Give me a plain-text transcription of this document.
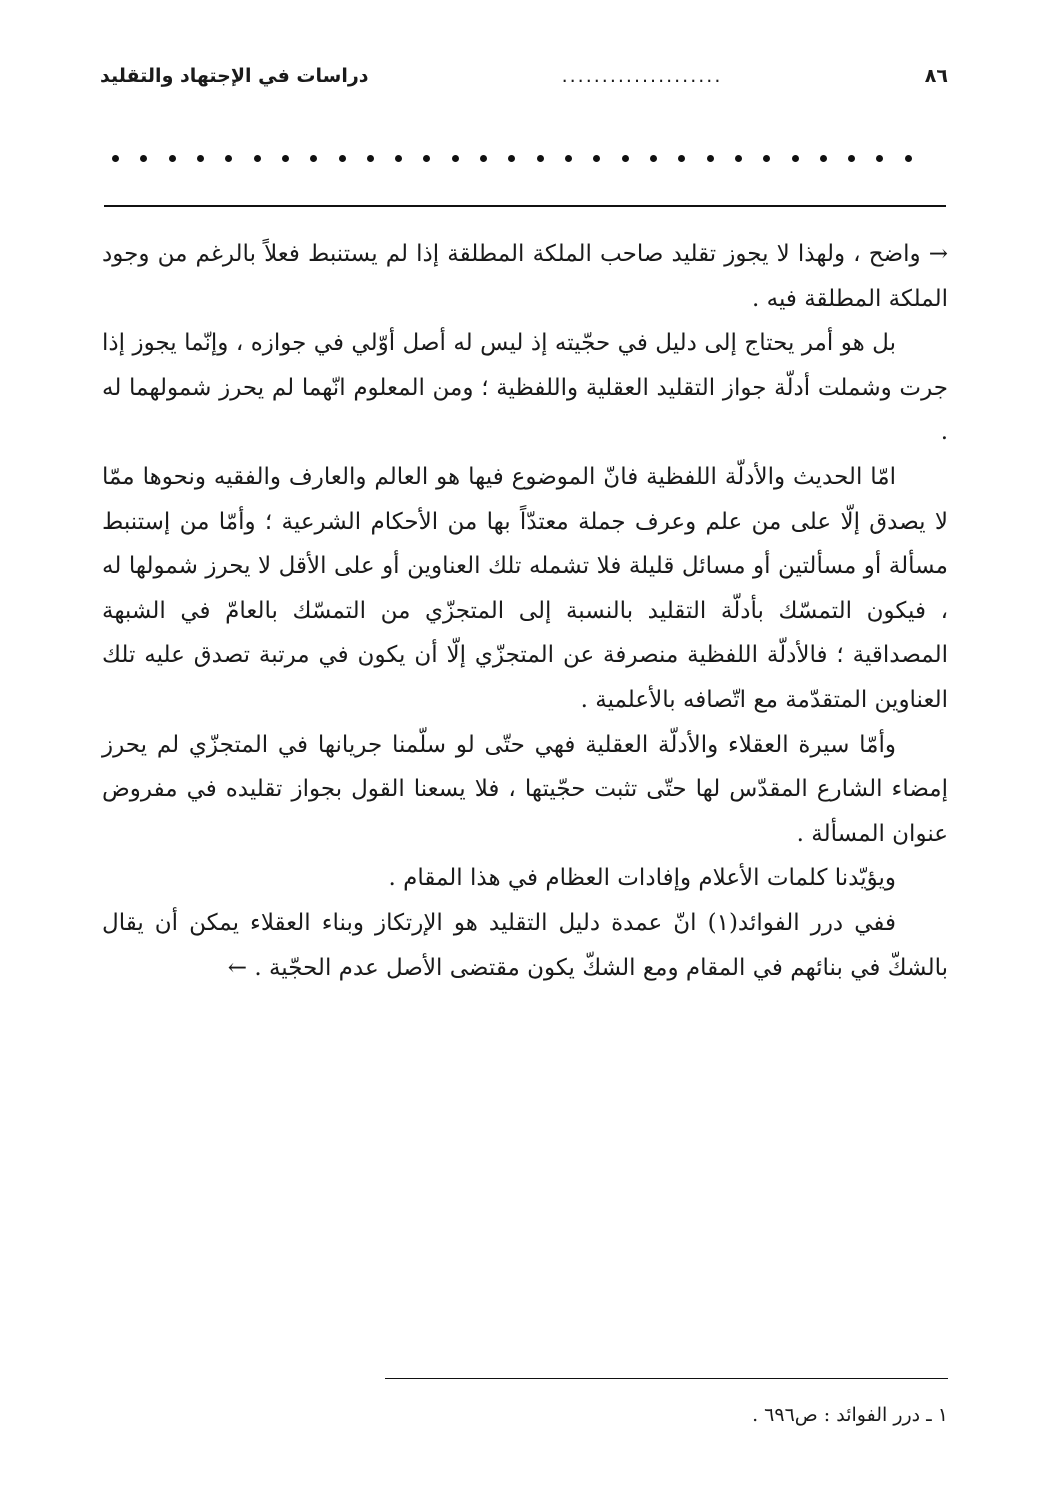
٨٦
....................
دراسات في الإجتهاد والتقليد

→ واضح ، ولهذا لا يجوز تقليد صاحب الملكة المطلقة إذا لم يستنبط فعلاً بالرغم من وجود الملكة المطلقة فيه .

بل هو أمر يحتاج إلى دليل في حجّيته إذ ليس له أصل أوّلي في جوازه ، وإنّما يجوز إذا جرت وشملت أدلّة جواز التقليد العقلية واللفظية ؛ ومن المعلوم انّهما لم يحرز شمولهما له .

امّا الحديث والأدلّة اللفظية فانّ الموضوع فيها هو العالم والعارف والفقيه ونحوها ممّا لا يصدق إلّا على من علم وعرف جملة معتدّاً بها من الأحكام الشرعية ؛ وأمّا من إستنبط مسألة أو مسألتين أو مسائل قليلة فلا تشمله تلك العناوين أو على الأقل لا يحرز شمولها له ، فيكون التمسّك بأدلّة التقليد بالنسبة إلى المتجزّي من التمسّك بالعامّ في الشبهة المصداقية ؛ فالأدلّة اللفظية منصرفة عن المتجزّي إلّا أن يكون في مرتبة تصدق عليه تلك العناوين المتقدّمة مع اتّصافه بالأعلمية .

وأمّا سيرة العقلاء والأدلّة العقلية فهي حتّى لو سلّمنا جريانها في المتجزّي لم يحرز إمضاء الشارع المقدّس لها حتّى تثبت حجّيتها ، فلا يسعنا القول بجواز تقليده في مفروض عنوان المسألة .

ويؤيّدنا كلمات الأعلام وإفادات العظام في هذا المقام .

ففي درر الفوائد(١) انّ عمدة دليل التقليد هو الإرتكاز وبناء العقلاء يمكن أن يقال بالشكّ في بنائهم في المقام ومع الشكّ يكون مقتضى الأصل عدم الحجّية . ←

١ ـ درر الفوائد : ص٦٩٦ .
